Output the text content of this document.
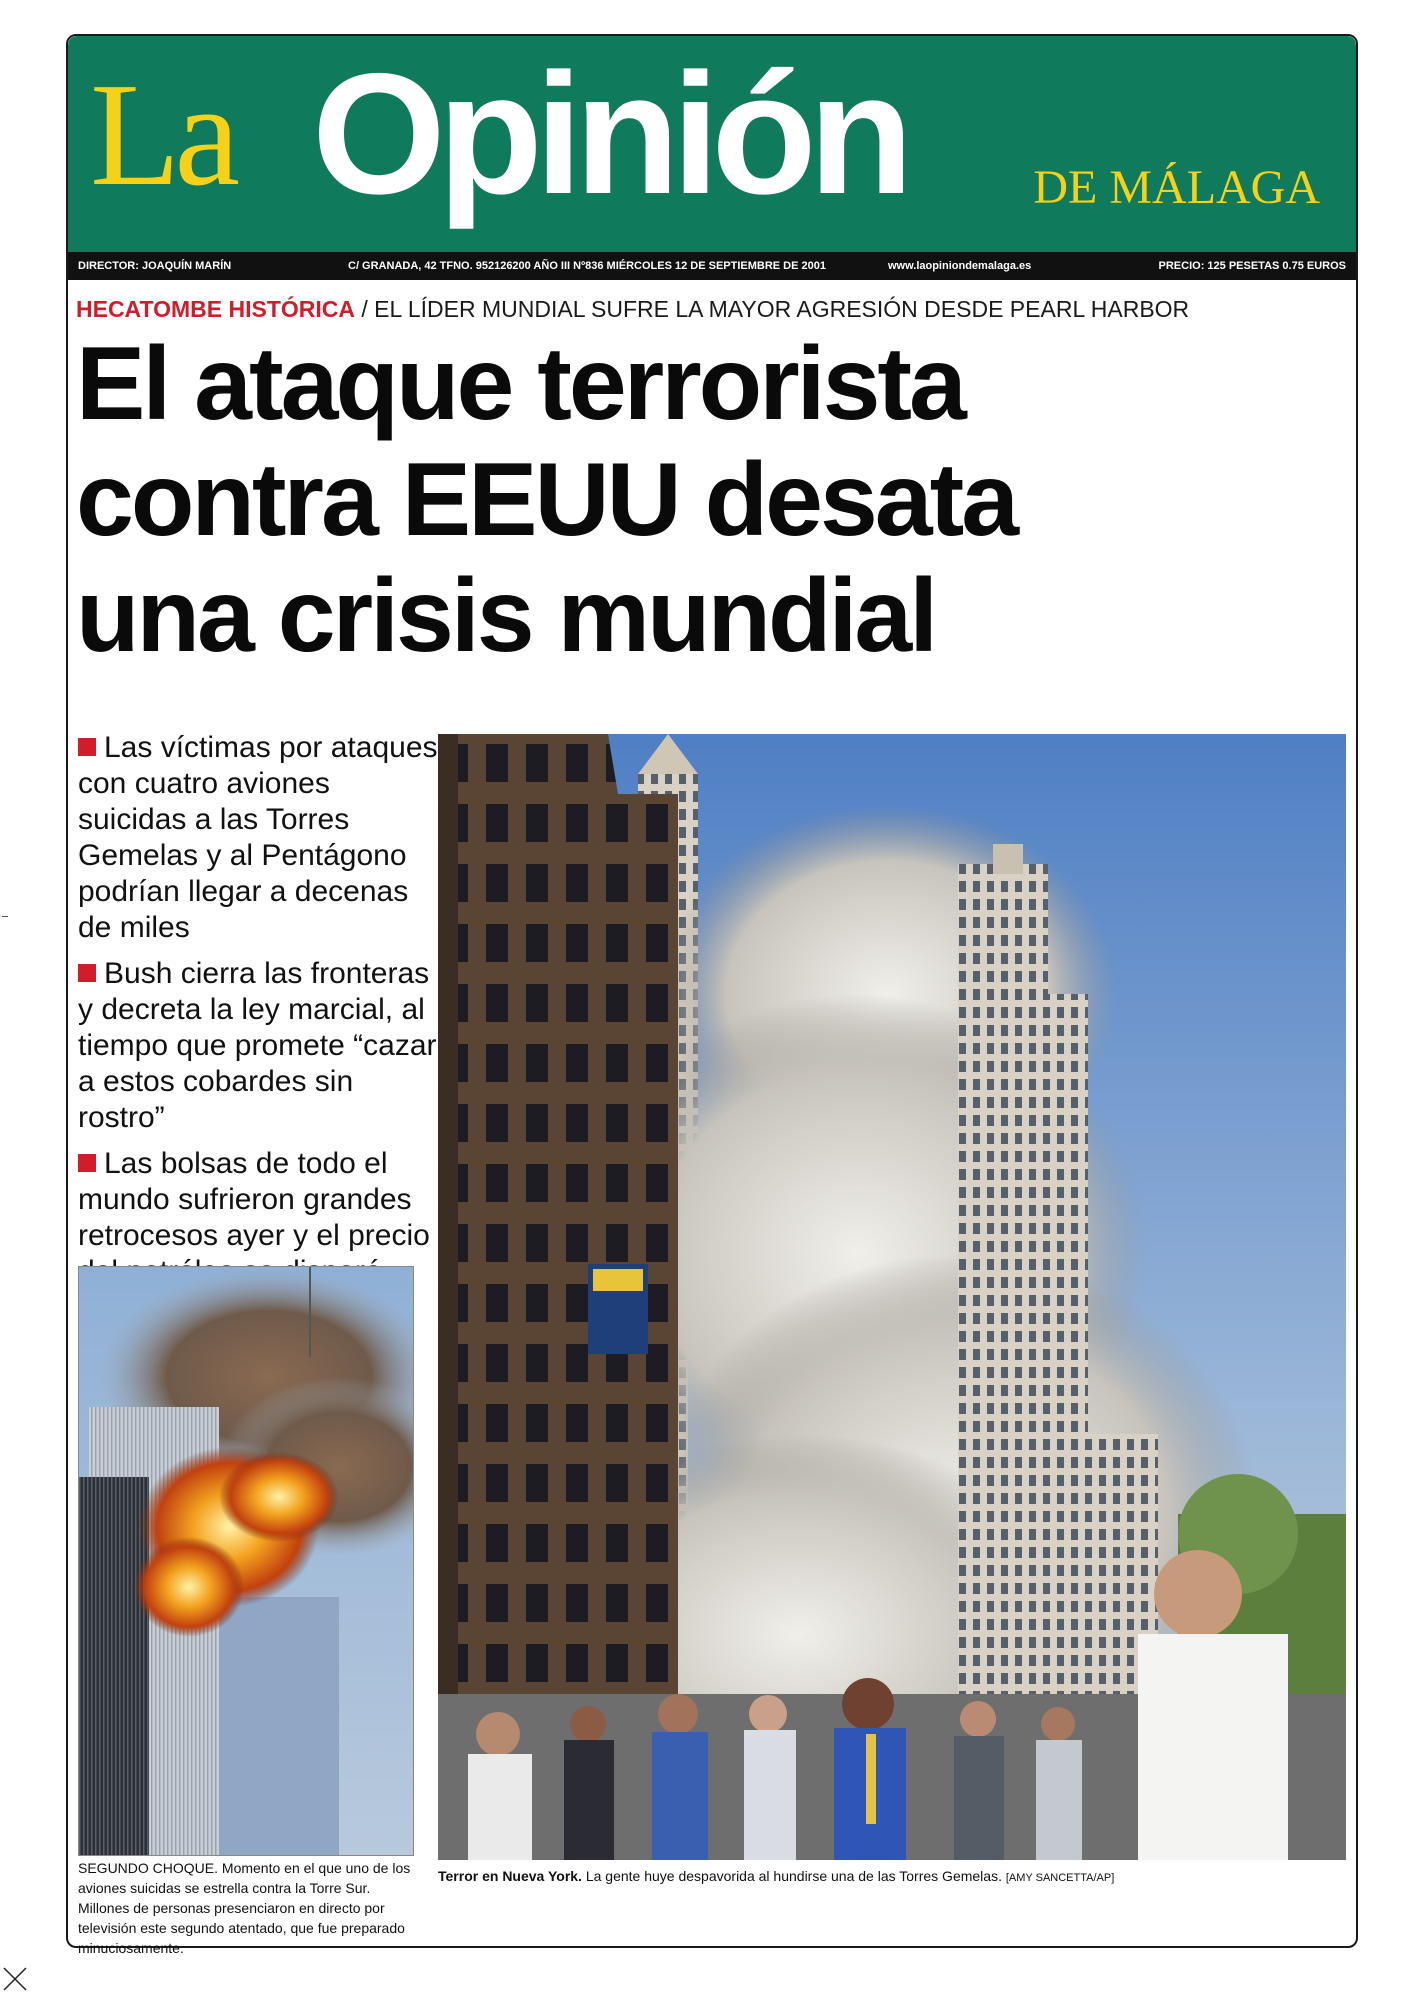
La Opinión	DE MÁLAGA
DIRECTOR: JOAQUÍN MARÍN	C/ GRANADA, 42 TFNO. 952126200 AÑO III Nº836 MIÉRCOLES 12 DE SEPTIEMBRE DE 2001	www.laopiniondemalaga.es	PRECIO: 125 PESETAS 0.75 EUROS
HECATOMBE HISTÓRICA / EL LÍDER MUNDIAL SUFRE LA MAYOR AGRESIÓN DESDE PEARL HARBOR
El ataque terrorista
contra EEUU desata
una crisis mundial
Las víctimas por ataques con cuatro aviones suicidas a las Torres Gemelas y al Pentágono podrían llegar a decenas de miles
Bush cierra las fronteras y decreta la ley marcial, al tiempo que promete “cazar a estos cobardes sin rostro”
Las bolsas de todo el mundo sufrieron grandes retrocesos ayer y el precio
Terror en Nueva York. La gente huye despavorida al hundirse una de las Torres Gemelas. [AMY SANCETTA/AP]
SEGUNDO CHOQUE. Momento en el que uno de los aviones suicidas se estrella contra la Torre Sur. Millones de personas presenciaron en directo por televisión este segundo atentado, que fue preparado minuciosamente.
